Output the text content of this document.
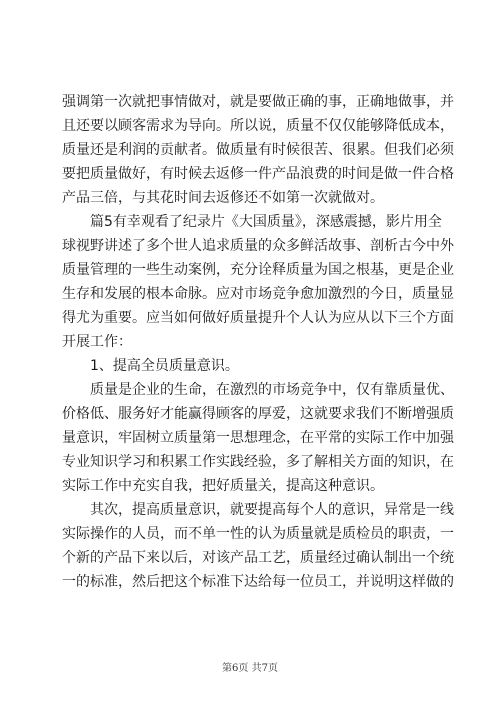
强调第一次就把事情做对，就是要做正确的事，正确地做事，并
且还要以顾客需求为导向。所以说，质量不仅仅能够降低成本，
质量还是利润的贡献者。做质量有时候很苦、很累。但我们必须
要把质量做好，有时候去返修一件产品浪费的时间是做一件合格
产品三倍，与其花时间去返修还不如第一次就做对。
篇5有幸观看了纪录片《大国质量》，深感震撼，影片用全
球视野讲述了多个世人追求质量的众多鲜活故事、剖析古今中外
质量管理的一些生动案例，充分诠释质量为国之根基，更是企业
生存和发展的根本命脉。应对市场竞争愈加激烈的今日，质量显
得尤为重要。应当如何做好质量提升个人认为应从以下三个方面
开展工作：
1、提高全员质量意识。
质量是企业的生命，在激烈的市场竞争中，仅有靠质量优、
价格低、服务好才能赢得顾客的厚爱，这就要求我们不断增强质
量意识，牢固树立质量第一思想理念，在平常的实际工作中加强
专业知识学习和积累工作实践经验，多了解相关方面的知识，在
实际工作中充实自我，把好质量关，提高这种意识。
其次，提高质量意识，就要提高每个人的意识，异常是一线
实际操作的人员，而不单一性的认为质量就是质检员的职责，一
个新的产品下来以后，对该产品工艺，质量经过确认制出一个统
一的标准，然后把这个标准下达给每一位员工，并说明这样做的
第6页 共7页
